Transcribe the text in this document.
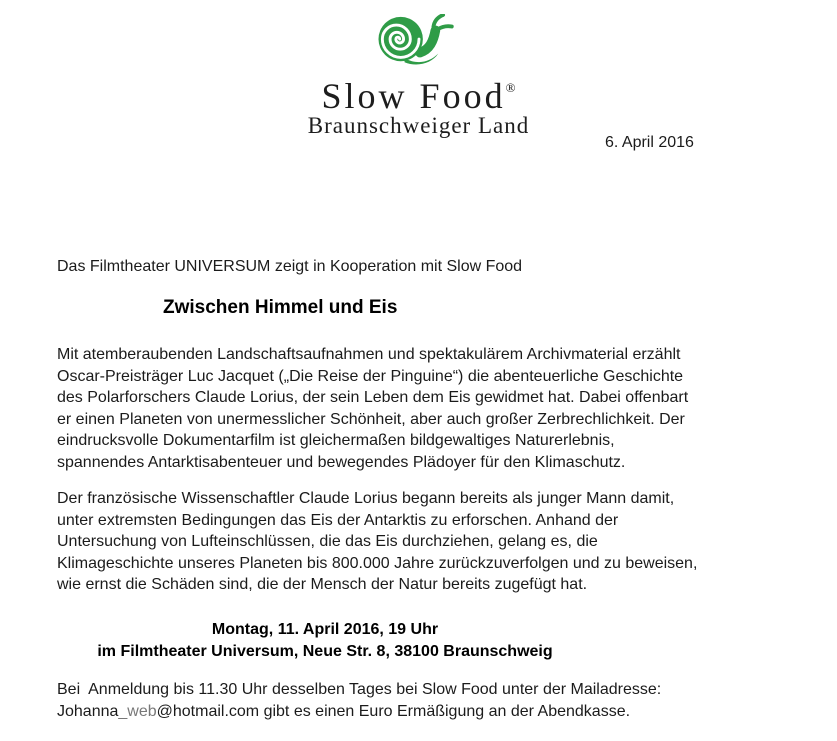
Slow Food®
Braunschweiger Land
6. April 2016
Das Filmtheater UNIVERSUM zeigt in Kooperation mit Slow Food
Zwischen Himmel und Eis
Mit atemberaubenden Landschaftsaufnahmen und spektakulärem Archivmaterial erzählt
Oscar-Preisträger Luc Jacquet („Die Reise der Pinguine“) die abenteuerliche Geschichte
des Polarforschers Claude Lorius, der sein Leben dem Eis gewidmet hat. Dabei offenbart
er einen Planeten von unermesslicher Schönheit, aber auch großer Zerbrechlichkeit. Der
eindrucksvolle Dokumentarfilm ist gleichermaßen bildgewaltiges Naturerlebnis,
spannendes Antarktisabenteuer und bewegendes Plädoyer für den Klimaschutz.
Der französische Wissenschaftler Claude Lorius begann bereits als junger Mann damit,
unter extremsten Bedingungen das Eis der Antarktis zu erforschen. Anhand der
Untersuchung von Lufteinschlüssen, die das Eis durchziehen, gelang es, die
Klimageschichte unseres Planeten bis 800.000 Jahre zurückzuverfolgen und zu beweisen,
wie ernst die Schäden sind, die der Mensch der Natur bereits zugefügt hat.
Montag, 11. April 2016, 19 Uhr
im Filmtheater Universum, Neue Str. 8, 38100 Braunschweig
Bei  Anmeldung bis 11.30 Uhr desselben Tages bei Slow Food unter der Mailadresse:
Johanna_web@hotmail.com gibt es einen Euro Ermäßigung an der Abendkasse.
